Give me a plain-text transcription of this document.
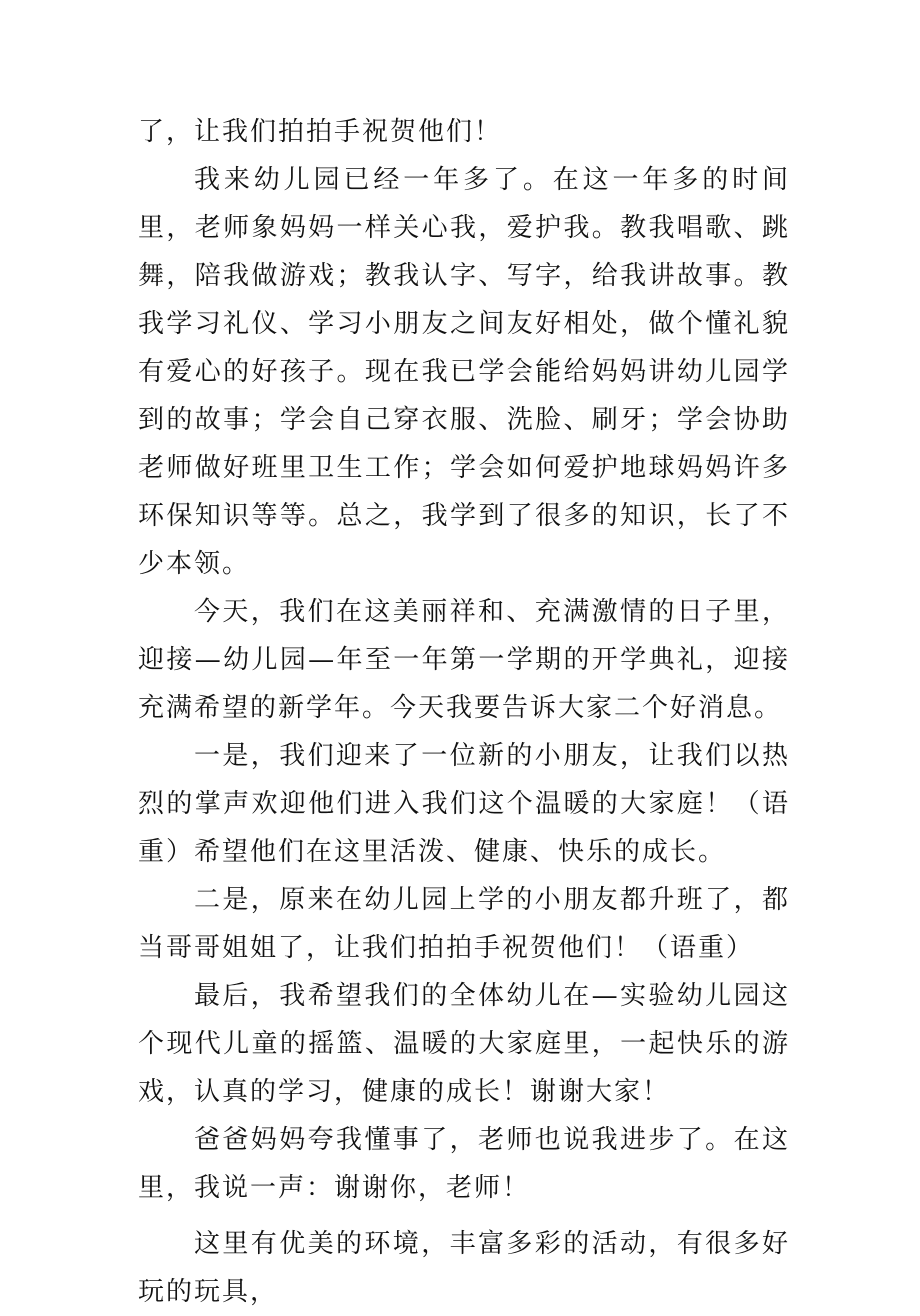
了，让我们拍拍手祝贺他们！

我来幼儿园已经一年多了。在这一年多的时间里，老师象妈妈一样关心我，爱护我。教我唱歌、跳舞，陪我做游戏；教我认字、写字，给我讲故事。教我学习礼仪、学习小朋友之间友好相处，做个懂礼貌有爱心的好孩子。现在我已学会能给妈妈讲幼儿园学到的故事；学会自己穿衣服、洗脸、刷牙；学会协助老师做好班里卫生工作；学会如何爱护地球妈妈许多环保知识等等。总之，我学到了很多的知识，长了不少本领。

今天，我们在这美丽祥和、充满激情的日子里，迎接—幼儿园—年至一年第一学期的开学典礼，迎接充满希望的新学年。今天我要告诉大家二个好消息。

一是，我们迎来了一位新的小朋友，让我们以热烈的掌声欢迎他们进入我们这个温暖的大家庭！（语重）希望他们在这里活泼、健康、快乐的成长。

二是，原来在幼儿园上学的小朋友都升班了，都当哥哥姐姐了，让我们拍拍手祝贺他们！（语重）

最后，我希望我们的全体幼儿在—实验幼儿园这个现代儿童的摇篮、温暖的大家庭里，一起快乐的游戏，认真的学习，健康的成长！谢谢大家！

爸爸妈妈夸我懂事了，老师也说我进步了。在这里，我说一声：谢谢你，老师！

这里有优美的环境，丰富多彩的活动，有很多好玩的玩具，
